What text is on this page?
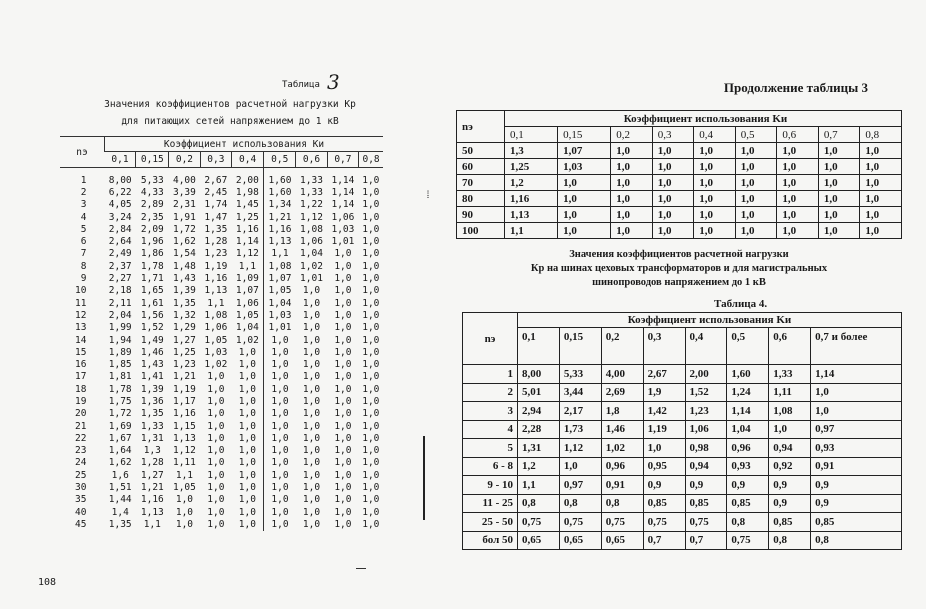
Таблица 3
Значения коэффициентов расчетной нагрузки Кр
для питающих сетей напряжением до 1 кВ
nэ	Коэффициент использования Kи								
	0,1	0,15	0,2	0,3	0,4	0,5	0,6	0,7	0,8
1	8,00	5,33	4,00	2,67	2,00	1,60	1,33	1,14	1,0
2	6,22	4,33	3,39	2,45	1,98	1,60	1,33	1,14	1,0
3	4,05	2,89	2,31	1,74	1,45	1,34	1,22	1,14	1,0
4	3,24	2,35	1,91	1,47	1,25	1,21	1,12	1,06	1,0
5	2,84	2,09	1,72	1,35	1,16	1,16	1,08	1,03	1,0
6	2,64	1,96	1,62	1,28	1,14	1,13	1,06	1,01	1,0
7	2,49	1,86	1,54	1,23	1,12	1,1	1,04	1,0	1,0
8	2,37	1,78	1,48	1,19	1,1	1,08	1,02	1,0	1,0
9	2,27	1,71	1,43	1,16	1,09	1,07	1,01	1,0	1,0
10	2,18	1,65	1,39	1,13	1,07	1,05	1,0	1,0	1,0
11	2,11	1,61	1,35	1,1	1,06	1,04	1,0	1,0	1,0
12	2,04	1,56	1,32	1,08	1,05	1,03	1,0	1,0	1,0
13	1,99	1,52	1,29	1,06	1,04	1,01	1,0	1,0	1,0
14	1,94	1,49	1,27	1,05	1,02	1,0	1,0	1,0	1,0
15	1,89	1,46	1,25	1,03	1,0	1,0	1,0	1,0	1,0
16	1,85	1,43	1,23	1,02	1,0	1,0	1,0	1,0	1,0
17	1,81	1,41	1,21	1,0	1,0	1,0	1,0	1,0	1,0
18	1,78	1,39	1,19	1,0	1,0	1,0	1,0	1,0	1,0
19	1,75	1,36	1,17	1,0	1,0	1,0	1,0	1,0	1,0
20	1,72	1,35	1,16	1,0	1,0	1,0	1,0	1,0	1,0
21	1,69	1,33	1,15	1,0	1,0	1,0	1,0	1,0	1,0
22	1,67	1,31	1,13	1,0	1,0	1,0	1,0	1,0	1,0
23	1,64	1,3	1,12	1,0	1,0	1,0	1,0	1,0	1,0
24	1,62	1,28	1,11	1,0	1,0	1,0	1,0	1,0	1,0
25	1,6	1,27	1,1	1,0	1,0	1,0	1,0	1,0	1,0
30	1,51	1,21	1,05	1,0	1,0	1,0	1,0	1,0	1,0
35	1,44	1,16	1,0	1,0	1,0	1,0	1,0	1,0	1,0
40	1,4	1,13	1,0	1,0	1,0	1,0	1,0	1,0	1,0
45	1,35	1,1	1,0	1,0	1,0	1,0	1,0	1,0	1,0
108
⁞
Продолжение таблицы 3
nэ	Коэффициент использования Kи								
	0,1	0,15	0,2	0,3	0,4	0,5	0,6	0,7	0,8
50	1,3	1,07	1,0	1,0	1,0	1,0	1,0	1,0	1,0
60	1,25	1,03	1,0	1,0	1,0	1,0	1,0	1,0	1,0
70	1,2	1,0	1,0	1,0	1,0	1,0	1,0	1,0	1,0
80	1,16	1,0	1,0	1,0	1,0	1,0	1,0	1,0	1,0
90	1,13	1,0	1,0	1,0	1,0	1,0	1,0	1,0	1,0
100	1,1	1,0	1,0	1,0	1,0	1,0	1,0	1,0	1,0
Значения коэффициентов расчетной нагрузки
Кр на шинах цеховых трансформаторов и для магистральных
шинопроводов напряжением до 1 кВ
Таблица 4.
nэ	Коэффициент использования Kи							
	0,1	0,15	0,2	0,3	0,4	0,5	0,6	0,7 и более
1	8,00	5,33	4,00	2,67	2,00	1,60	1,33	1,14
2	5,01	3,44	2,69	1,9	1,52	1,24	1,11	1,0
3	2,94	2,17	1,8	1,42	1,23	1,14	1,08	1,0
4	2,28	1,73	1,46	1,19	1,06	1,04	1,0	0,97
5	1,31	1,12	1,02	1,0	0,98	0,96	0,94	0,93
6 - 8	1,2	1,0	0,96	0,95	0,94	0,93	0,92	0,91
9 - 10	1,1	0,97	0,91	0,9	0,9	0,9	0,9	0,9
11 - 25	0,8	0,8	0,8	0,85	0,85	0,85	0,9	0,9
25 - 50	0,75	0,75	0,75	0,75	0,75	0,8	0,85	0,85
бол 50	0,65	0,65	0,65	0,7	0,7	0,75	0,8	0,8
